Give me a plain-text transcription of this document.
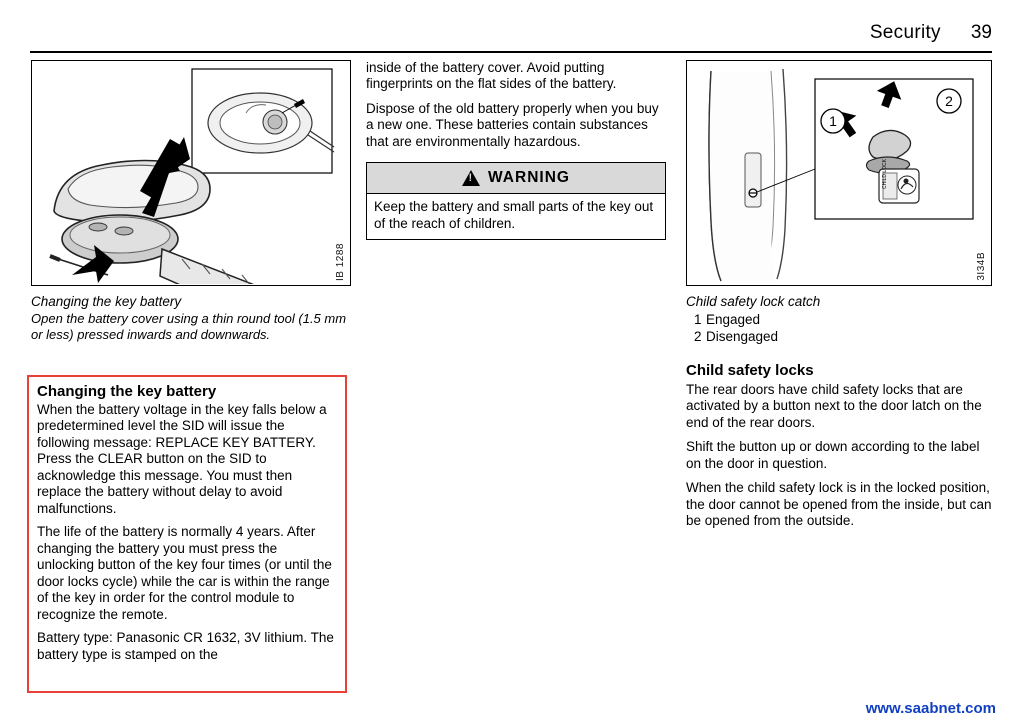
Security 39
IB 1288
Changing the key battery
Open the battery cover using a thin round tool (1.5 mm or less) pressed inwards and downwards.
Changing the key battery

When the battery voltage in the key falls below a predetermined level the SID will issue the following message: REPLACE KEY BATTERY. Press the CLEAR button on the SID to acknowledge this message. You must then replace the battery without delay to avoid malfunctions.

The life of the battery is normally 4 years. After changing the battery you must press the unlocking button of the key four times (or until the door locks cycle) while the car is within the range of the key in order for the control module to recognize the remote.

Battery type: Panasonic CR 1632, 3V lithium. The battery type is stamped on the

inside of the battery cover. Avoid putting fingerprints on the flat sides of the battery.

Dispose of the old battery properly when you buy a new one. These batteries contain substances that are environmentally hazardous.

!
WARNING
Keep the battery and small parts of the key out of the reach of children.
CHILD LOCK
1
2
3I34B
Child safety lock catch
1 Engaged
2 Disengaged
Child safety locks

The rear doors have child safety locks that are activated by a button next to the door latch on the end of the rear doors.

Shift the button up or down according to the label on the door in question.

When the child safety lock is in the locked position, the door cannot be opened from the inside, but can be opened from the outside.

www.saabnet.com
